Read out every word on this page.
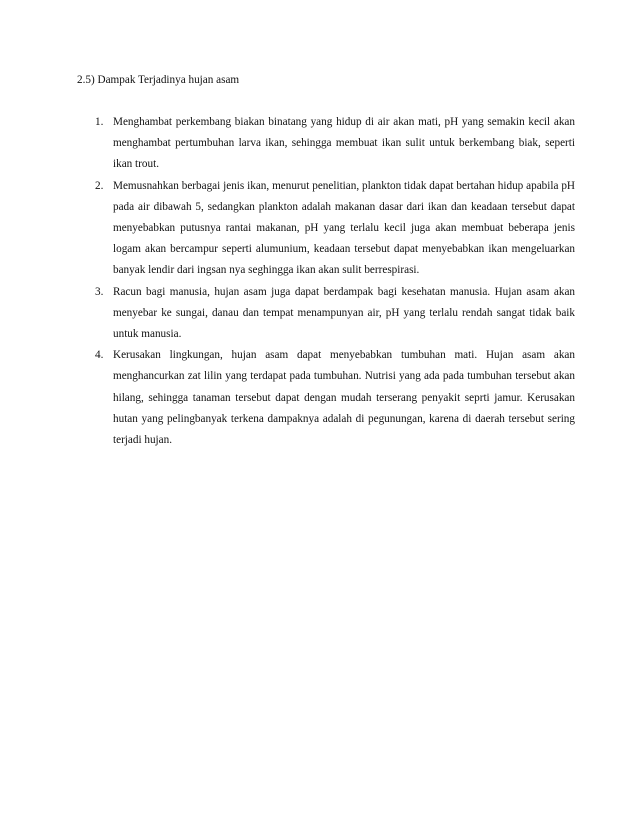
2.5) Dampak Terjadinya hujan asam
1. Menghambat perkembang biakan binatang yang hidup di air akan mati, pH yang semakin kecil akan menghambat pertumbuhan larva ikan, sehingga membuat ikan sulit untuk berkembang biak, seperti ikan trout.
2. Memusnahkan berbagai jenis ikan, menurut penelitian, plankton tidak dapat bertahan hidup apabila pH pada air dibawah 5, sedangkan plankton adalah makanan dasar dari ikan dan keadaan tersebut dapat menyebabkan putusnya rantai makanan, pH yang terlalu kecil juga akan membuat beberapa jenis logam akan bercampur seperti alumunium, keadaan tersebut dapat menyebabkan ikan mengeluarkan banyak lendir dari ingsan nya seghingga ikan akan sulit berrespirasi.
3. Racun bagi manusia, hujan asam juga dapat berdampak bagi kesehatan manusia. Hujan asam akan menyebar ke sungai, danau dan tempat menampunyan air, pH yang terlalu rendah sangat tidak baik untuk manusia.
4. Kerusakan lingkungan, hujan asam dapat menyebabkan tumbuhan mati. Hujan asam akan menghancurkan zat lilin yang terdapat pada tumbuhan. Nutrisi yang ada pada tumbuhan tersebut akan hilang, sehingga tanaman tersebut dapat dengan mudah terserang penyakit seprti jamur. Kerusakan hutan yang pelingbanyak terkena dampaknya adalah di pegunungan, karena di daerah tersebut sering terjadi hujan.
